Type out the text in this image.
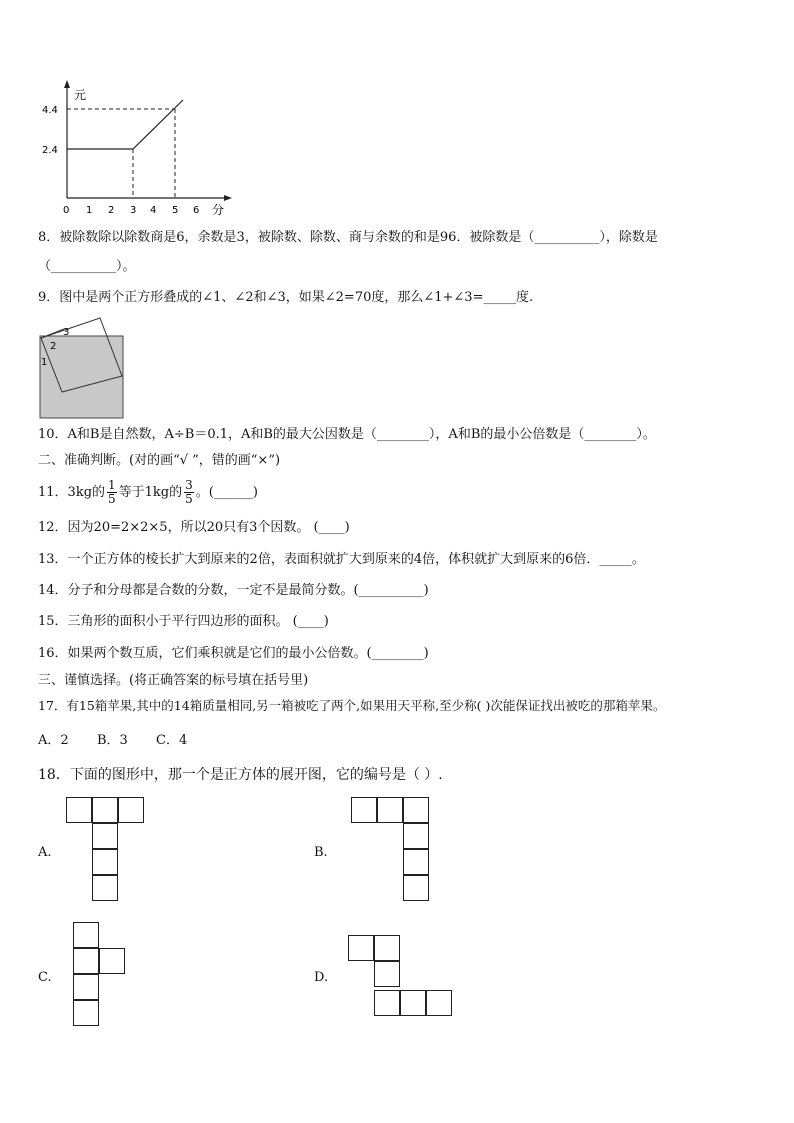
元
4.4
2.4
0 1 2 3 4 5 6 分
8．被除数除以除数商是6，余数是3，被除数、除数、商与余数的和是96．被除数是（__________），除数是
（__________）。
9．图中是两个正方形叠成的∠1、∠2和∠3，如果∠2=70度，那么∠1+∠3=_____度.
3
2
1
10．A和B是自然数，A÷B＝0.1，A和B的最大公因数是（________），A和B的最小公倍数是（________）。
二、准确判断。(对的画“√ ”，错的画“×”)
11．3kg的 $\frac{1}{5}$ 等于1kg的 $\frac{3}{5}$ 。(______)
12．因为20=2×2×5，所以20只有3个因数。 (____)
13．一个正方体的棱长扩大到原来的2倍，表面积就扩大到原来的4倍，体积就扩大到原来的6倍．_____。
14．分子和分母都是合数的分数，一定不是最简分数。(__________)
15．三角形的面积小于平行四边形的面积。 (____)
16．如果两个数互质，它们乘积就是它们的最小公倍数。(________)
三、谨慎选择。(将正确答案的标号填在括号里)
17．有15箱苹果,其中的14箱质量相同,另一箱被吃了两个,如果用天平称,至少称( )次能保证找出被吃的那箱苹果。
A．2 B．3 C．4
18．下面的图形中，那一个是正方体的展开图，它的编号是（ ）.
A.	B.
C.	D.
